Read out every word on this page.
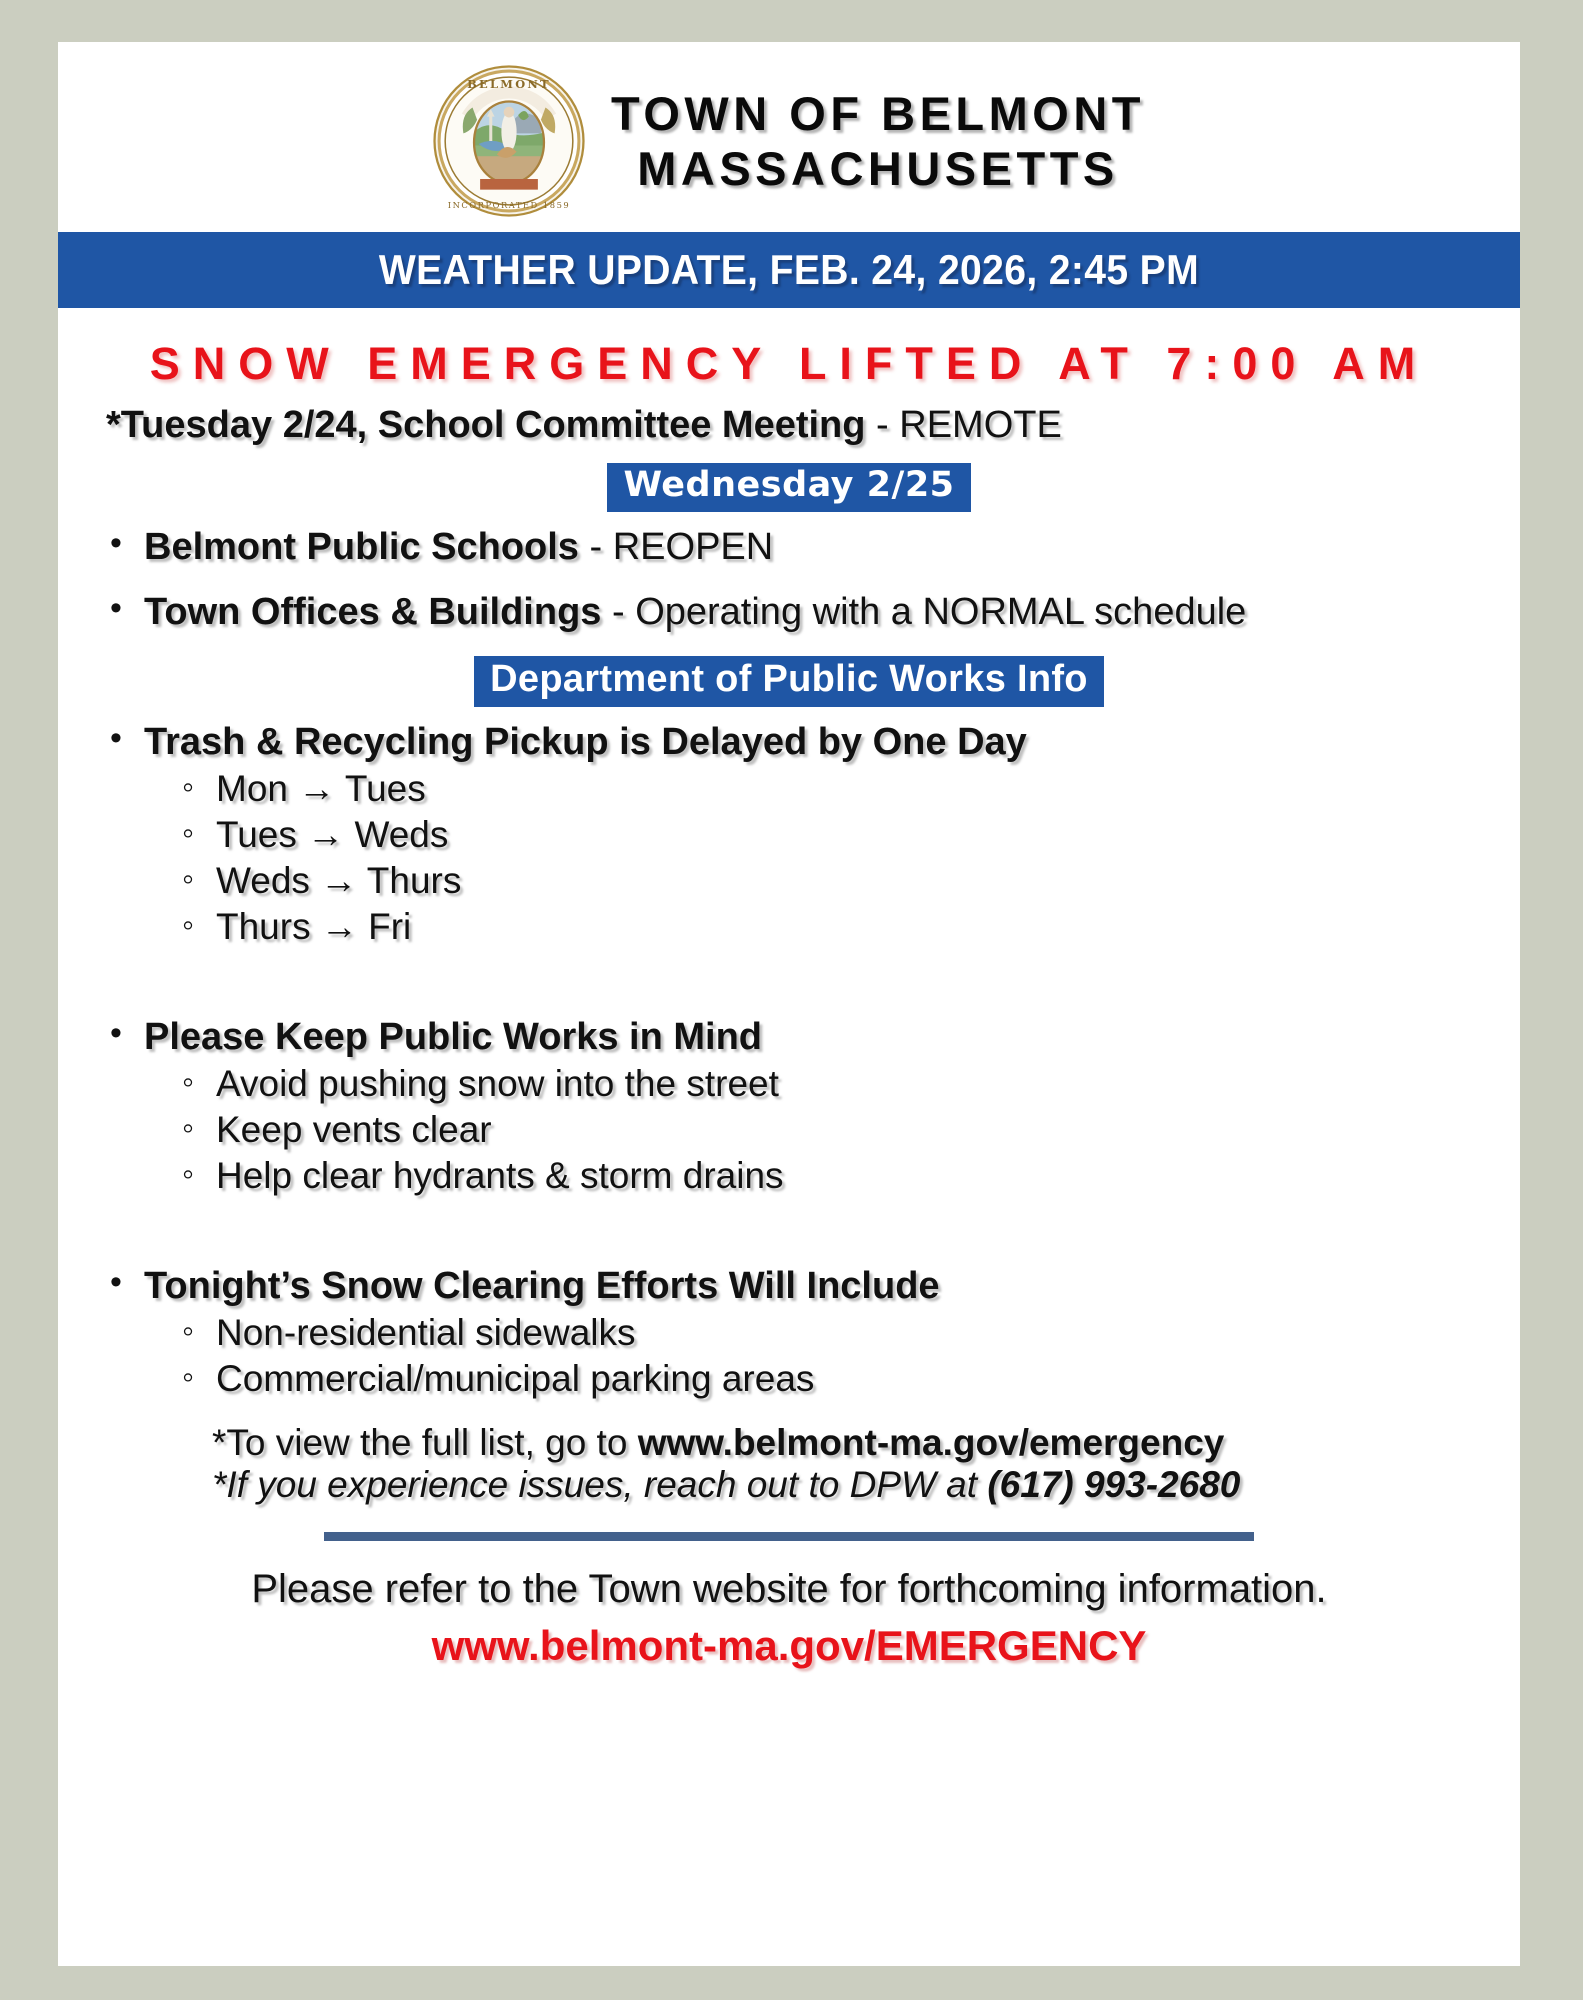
BELMONT
INCORPORATED 1859
TOWN OF BELMONT
MASSACHUSETTS
WEATHER UPDATE, FEB. 24, 2026, 2:45 PM
SNOW EMERGENCY LIFTED AT 7:00 AM
*Tuesday 2/24, School Committee Meeting - REMOTE
Wednesday 2/25
• Belmont Public Schools - REOPEN
• Town Offices & Buildings - Operating with a NORMAL schedule
Department of Public Works Info
• Trash & Recycling Pickup is Delayed by One Day
◦ Mon → Tues
◦ Tues → Weds
◦ Weds → Thurs
◦ Thurs → Fri
• Please Keep Public Works in Mind
◦ Avoid pushing snow into the street
◦ Keep vents clear
◦ Help clear hydrants & storm drains
• Tonight’s Snow Clearing Efforts Will Include
◦ Non-residential sidewalks
◦ Commercial/municipal parking areas
*To view the full list, go to www.belmont-ma.gov/emergency
*If you experience issues, reach out to DPW at (617) 993-2680
Please refer to the Town website for forthcoming information.
www.belmont-ma.gov/EMERGENCY
